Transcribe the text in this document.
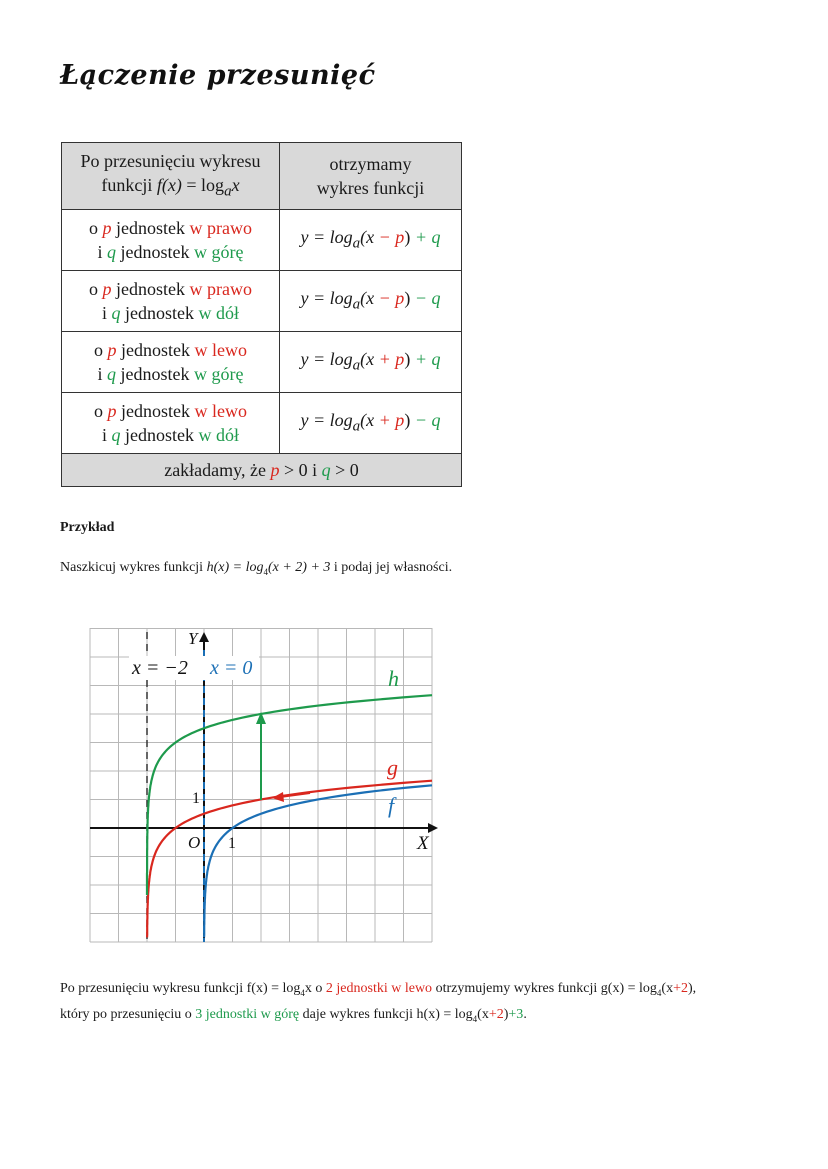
Łączenie przesunięć
Po przesunięciu wykresu
funkcji $f(x) = \log_ax$	otrzymamy
wykres funkcji
o p jednostek w prawo
i q jednostek w górę	$y = \log_a(x - p) + q$
o p jednostek w prawo
i q jednostek w dół	$y = \log_a(x - p) - q$
o p jednostek w lewo
i q jednostek w górę	$y = \log_a(x + p) + q$
o p jednostek w lewo
i q jednostek w dół	$y = \log_a(x + p) - q$
zakładamy, że p > 0 i q > 0	
Przykład
Naszkicuj wykres funkcji $h(x) = \log_4(x + 2) + 3$ i podaj jej własności.
x = −2 x = 0
Y
X
O 1
1
h
g
f

Po przesunięciu wykresu funkcji $f(x) = \log_4x$ o 2 jednostki w lewo otrzymujemy wykres funkcji $g(x) = \log_4(x+2)$,

który po przesunięciu o 3 jednostki w górę daje wykres funkcji $h(x) = \log_4(x+2)+3$.
